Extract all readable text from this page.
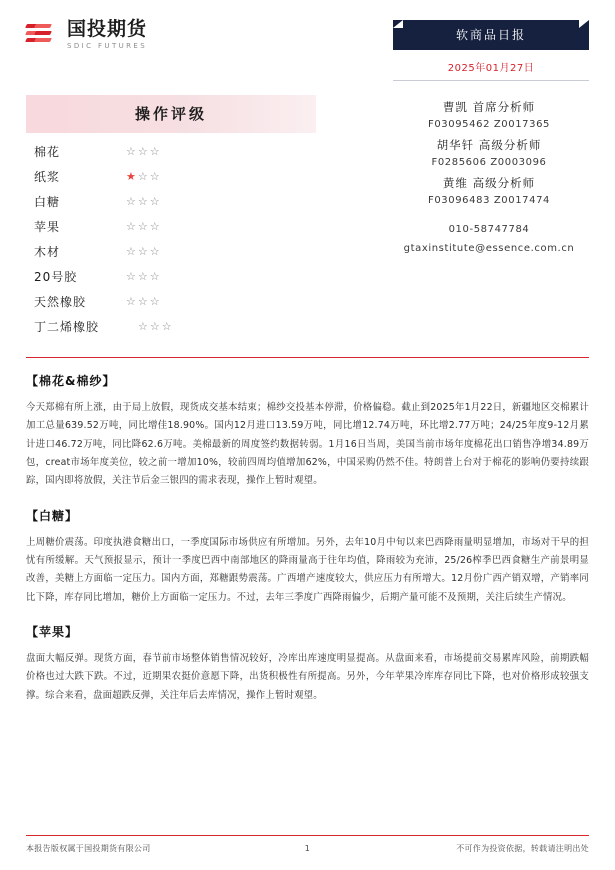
国投期货
SDIC FUTURES
软商品日报
2025年01月27日
操作评级
棉花	☆☆☆
纸浆	★☆☆
白糖	☆☆☆
苹果	☆☆☆
木材	☆☆☆
20号胶	☆☆☆
天然橡胶	☆☆☆
丁二烯橡胶	☆☆☆
曹凯 首席分析师
F03095462 Z0017365
胡华钎 高级分析师
F0285606 Z0003096
黄维 高级分析师
F03096483 Z0017474
010-58747784
gtaxinstitute@essence.com.cn
【棉花&棉纱】
今天郑棉有所上涨，由于局上放假，现货成交基本结束；棉纱交投基本停滞，价格偏稳。截止到2025年1月22日，新疆地区交棉累计加工总量639.52万吨，同比增佳18.90%。国内12月进口13.59万吨，同比增12.74万吨，环比增2.77万吨；24/25年度9-12月累计进口46.72万吨，同比降62.6万吨。美棉最新的周度签约数据转弱。1月16日当周，美国当前市场年度棉花出口销售净增34.89万包，creat市场年度美位，较之前一增加10%，较前四周均值增加62%，中国采购仍然不佳。特朗普上台对于棉花的影响仍要持续跟踪，国内即将放假，关注节后金三银四的需求表现，操作上暂时观望。
【白糖】
上周糖价震荡。印度执港食糖出口，一季度国际市场供应有所增加。另外，去年10月中旬以来巴西降雨量明显增加，市场对干早的担忧有所缓解。天气预报显示，预计一季度巴西中南部地区的降雨量高于往年均值，降雨较为充沛，25/26榨季巴西食糖生产前景明显改善，美糖上方面临一定压力。国内方面，郑糖跟势震荡。广西增产速度较大，供应压力有所增大。12月份广西产销双增，产销率同比下降，库存同比增加，糖价上方面临一定压力。不过，去年三季度广西降雨偏少，后期产量可能不及预期，关注后续生产情况。
【苹果】
盘面大幅反弹。现货方面，春节前市场整体销售情况较好，冷库出库速度明显提高。从盘面来看，市场提前交易累库风险，前期跌幅价格也过大跌下跌。不过，近期果农挺价意愿下降，出货积极性有所提高。另外，今年苹果冷库库存同比下降，也对价格形成较强支撑。综合来看，盘面超跌反弹，关注年后去库情况，操作上暂时观望。
本报告版权属于国投期货有限公司	1	不可作为投资依据，转载请注明出处
